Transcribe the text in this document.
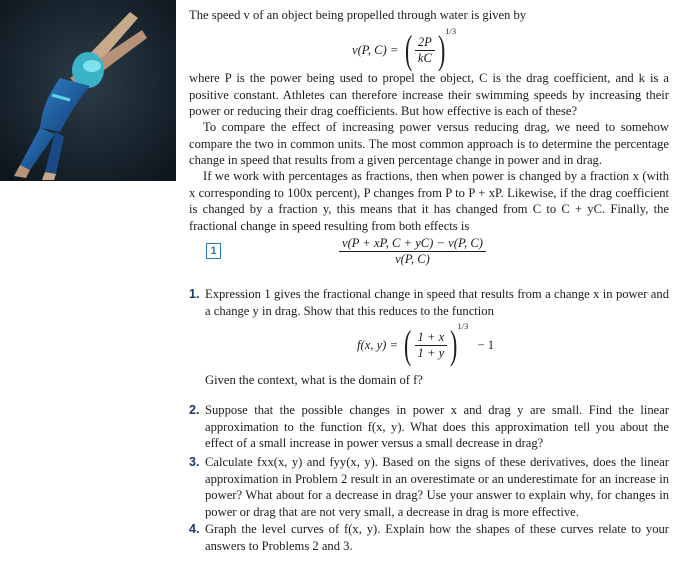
The speed v of an object being propelled through water is given by

v(P, C) = ( $\frac{2P}{kC} )^{1/3}$

where P is the power being used to propel the object, C is the drag coefficient, and k is a positive constant. Athletes can therefore increase their swimming speeds by increasing their power or reducing their drag coefficients. But how effective is each of these?

To compare the effect of increasing power versus reducing drag, we need to somehow compare the two in common units. The most common approach is to determine the percentage change in speed that results from a given percentage change in power and in drag.

If we work with percentages as fractions, then when power is changed by a fraction x (with x corresponding to 100x percent), P changes from P to P + xP. Likewise, if the drag coefficient is changed by a fraction y, this means that it has changed from C to C + yC. Finally, the fractional change in speed resulting from both effects is

1	$\frac{v(P + xP, C + yC) - v(P, C)}{v(P, C)}$
1. Expression 1 gives the fractional change in speed that results from a change x in power and a change y in drag. Show that this reduces to the function

f(x, y) = ( $\frac{1 + x}{1 + y} )^{1/3} - 1$

Given the context, what is the domain of f?

2. Suppose that the possible changes in power x and drag y are small. Find the linear approximation to the function f(x, y). What does this approximation tell you about the effect of a small increase in power versus a small decrease in drag?

3. Calculate fxx(x, y) and fyy(x, y). Based on the signs of these derivatives, does the linear approximation in Problem 2 result in an overestimate or an underestimate for an increase in power? What about for a decrease in drag? Use your answer to explain why, for changes in power or drag that are not very small, a decrease in drag is more effective.

4. Graph the level curves of f(x, y). Explain how the shapes of these curves relate to your answers to Problems 2 and 3.
